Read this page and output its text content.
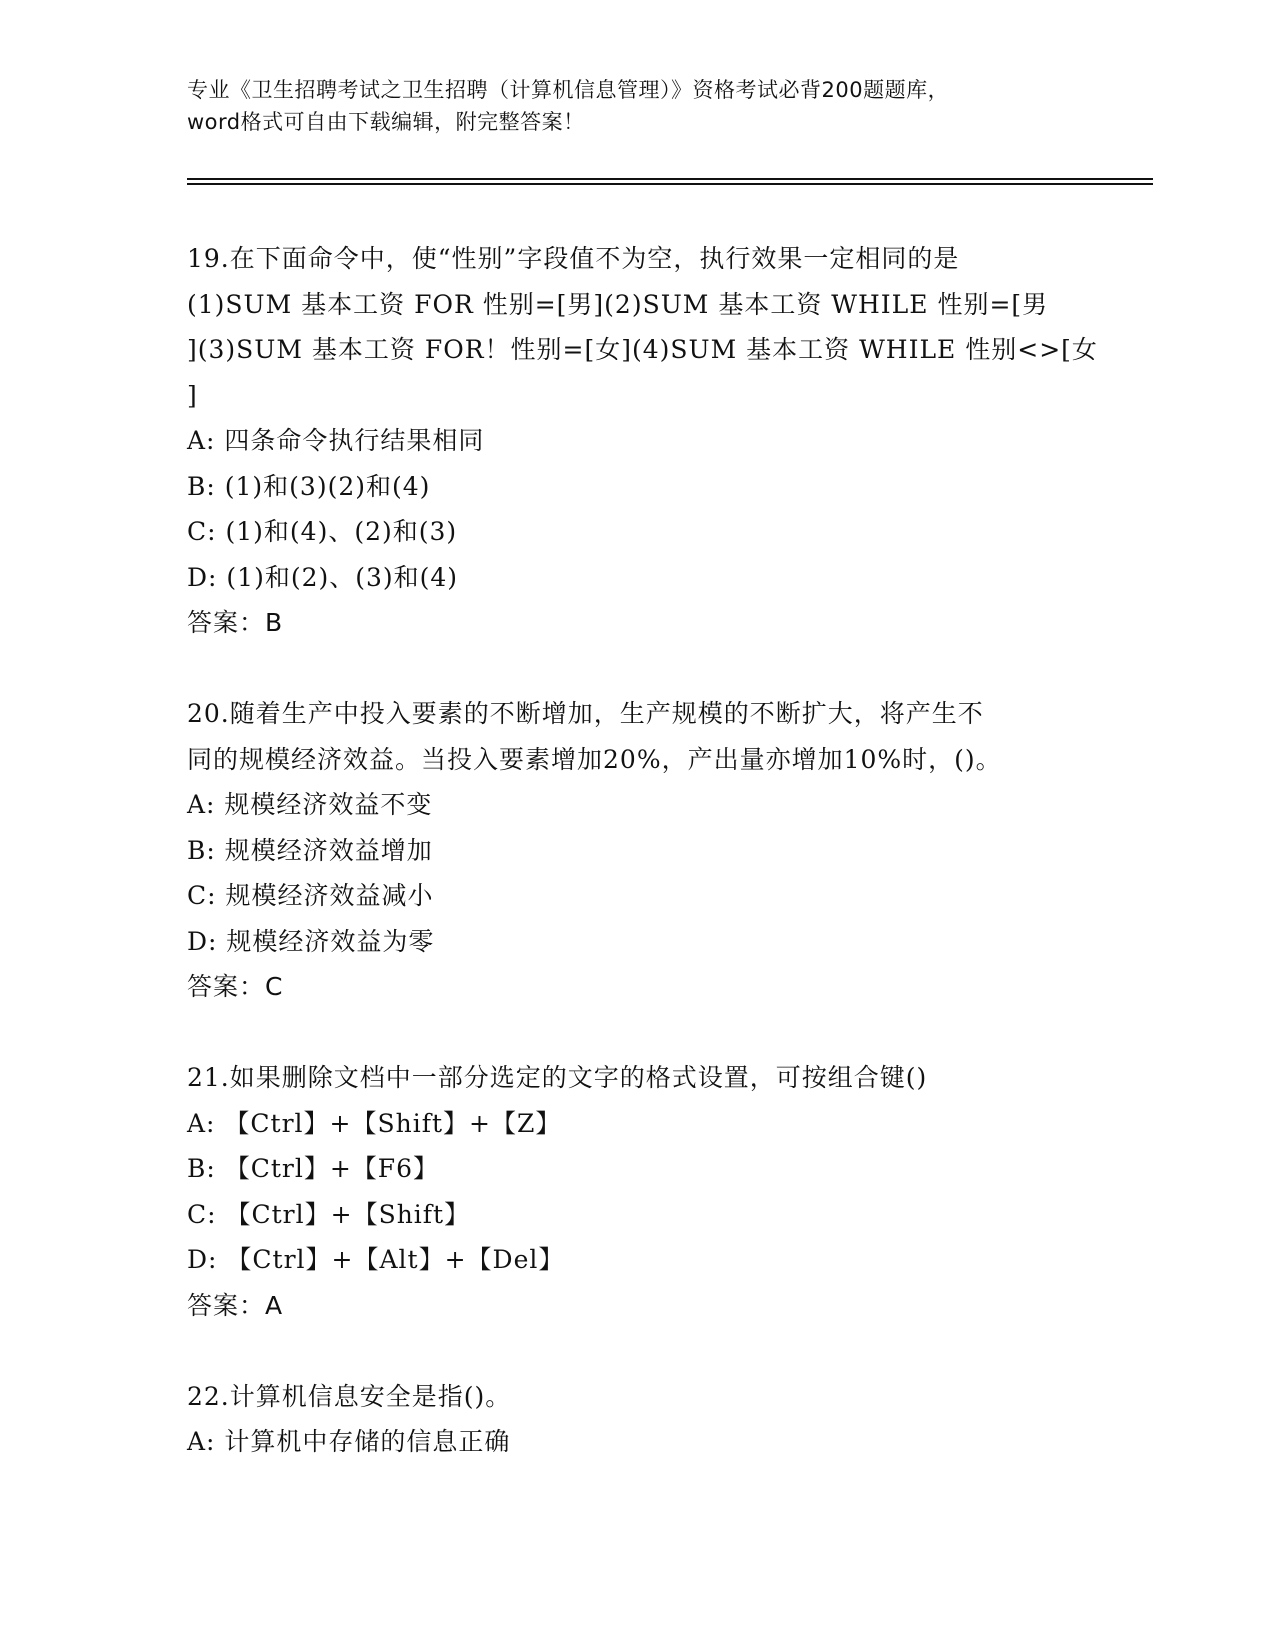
专业《卫生招聘考试之卫生招聘（计算机信息管理）》资格考试必背200题题库，
word格式可自由下载编辑，附完整答案！
19.在下面命令中，使“性别”字段值不为空，执行效果一定相同的是
(1)SUM 基本工资 FOR 性别=[男](2)SUM 基本工资 WHILE 性别=[男
](3)SUM 基本工资 FOR！性别=[女](4)SUM 基本工资 WHILE 性别<>[女
]
A: 四条命令执行结果相同
B: (1)和(3)(2)和(4)
C: (1)和(4)、(2)和(3)
D: (1)和(2)、(3)和(4)
答案：B
20.随着生产中投入要素的不断增加，生产规模的不断扩大，将产生不
同的规模经济效益。当投入要素增加20%，产出量亦增加10%时，()。
A: 规模经济效益不变
B: 规模经济效益增加
C: 规模经济效益减小
D: 规模经济效益为零
答案：C
21.如果删除文档中一部分选定的文字的格式设置，可按组合键()
A: 【Ctrl】+【Shift】+【Z】
B: 【Ctrl】+【F6】
C: 【Ctrl】+【Shift】
D: 【Ctrl】+【Alt】+【Del】
答案：A
22.计算机信息安全是指()。
A: 计算机中存储的信息正确
